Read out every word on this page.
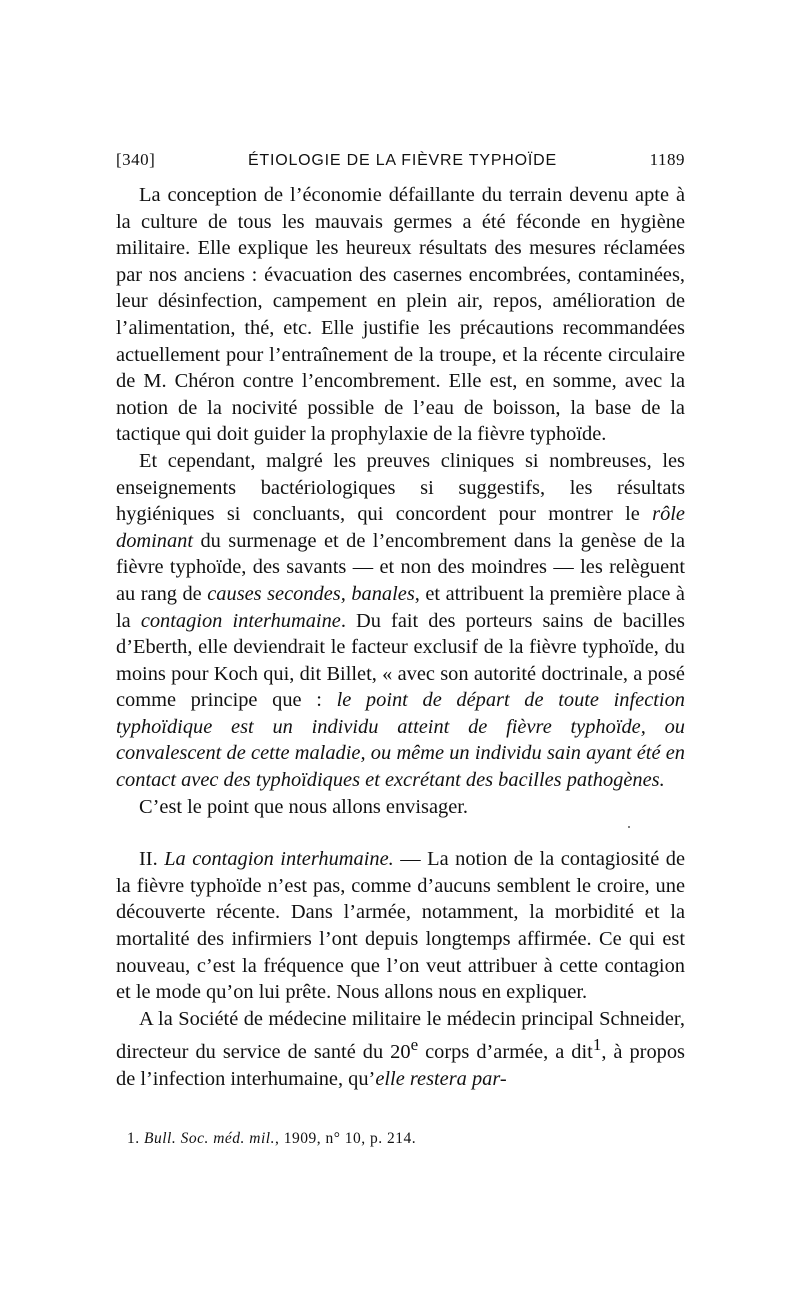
[340]	ÉTIOLOGIE DE LA FIÈVRE TYPHOÏDE	1189

La conception de l’économie défaillante du terrain devenu apte à la culture de tous les mauvais germes a été féconde en hygiène militaire. Elle explique les heureux résultats des mesures réclamées par nos anciens : évacuation des casernes encombrées, contaminées, leur désinfection, campement en plein air, repos, amélioration de l’alimentation, thé, etc. Elle justifie les précautions recommandées actuellement pour l’entraînement de la troupe, et la récente circulaire de M. Chéron contre l’encombrement. Elle est, en somme, avec la notion de la nocivité possible de l’eau de boisson, la base de la tactique qui doit guider la prophylaxie de la fièvre typhoïde.

Et cependant, malgré les preuves cliniques si nombreuses, les enseignements bactériologiques si suggestifs, les résultats hygiéniques si concluants, qui concordent pour montrer le rôle dominant du surmenage et de l’encombrement dans la genèse de la fièvre typhoïde, des savants — et non des moindres — les relèguent au rang de causes secondes, banales, et attribuent la première place à la contagion interhumaine. Du fait des porteurs sains de bacilles d’Eberth, elle deviendrait le facteur exclusif de la fièvre typhoïde, du moins pour Koch qui, dit Billet, « avec son autorité doctrinale, a posé comme principe que : le point de départ de toute infection typhoïdique est un individu atteint de fièvre typhoïde, ou convalescent de cette maladie, ou même un individu sain ayant été en contact avec des typhoïdiques et excrétant des bacilles pathogènes.

C’est le point que nous allons envisager.

II. La contagion interhumaine. — La notion de la contagiosité de la fièvre typhoïde n’est pas, comme d’aucuns semblent le croire, une découverte récente. Dans l’armée, notamment, la morbidité et la mortalité des infirmiers l’ont depuis longtemps affirmée. Ce qui est nouveau, c’est la fréquence que l’on veut attribuer à cette contagion et le mode qu’on lui prête. Nous allons nous en expliquer.

A la Société de médecine militaire le médecin principal Schneider, directeur du service de santé du 20e corps d’armée, a dit$^1$, à propos de l’infection interhumaine, qu’elle restera par-

1. Bull. Soc. méd. mil., 1909, n° 10, p. 214.
